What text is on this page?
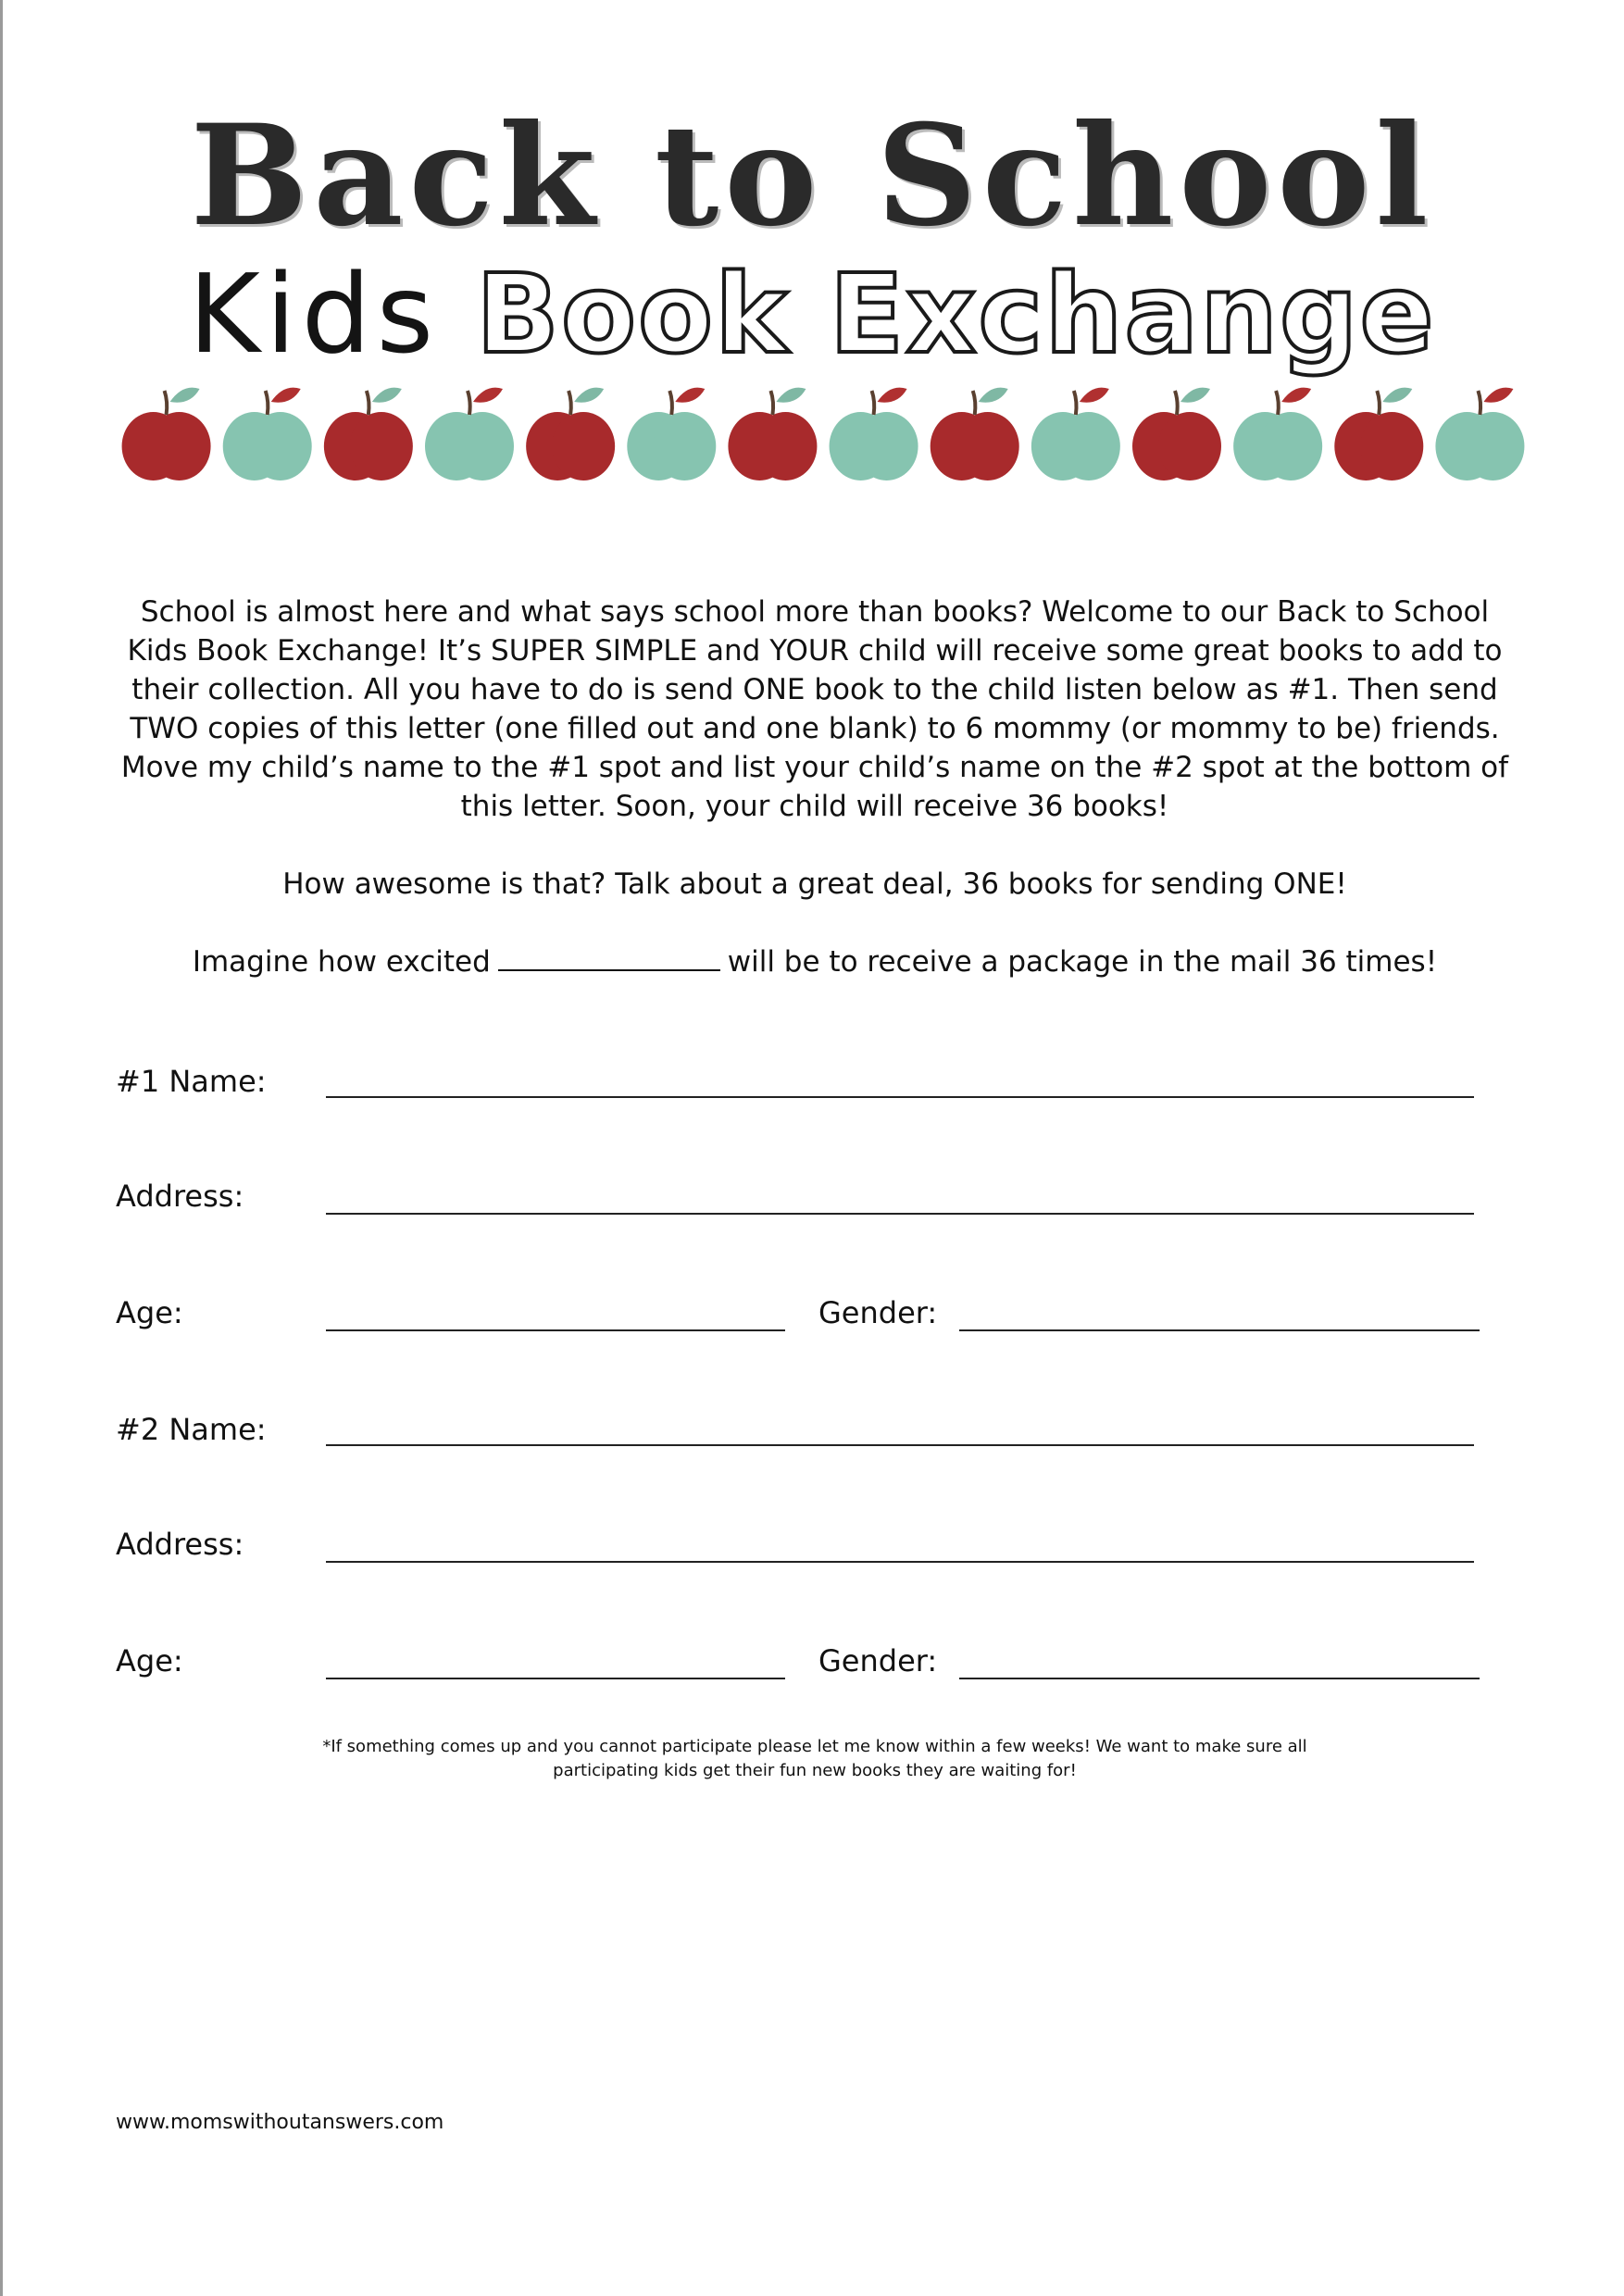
Back to School
Kids Book Exchange

School is almost here and what says school more than books? Welcome to our Back to School Kids Book Exchange! It’s SUPER SIMPLE and YOUR child will receive some great books to add to their collection. All you have to do is send ONE book to the child listen below as #1. Then send TWO copies of this letter (one filled out and one blank) to 6 mommy (or mommy to be) friends. Move my child’s name to the #1 spot and list your child’s name on the #2 spot at the bottom of this letter. Soon, your child will receive 36 books!

How awesome is that? Talk about a great deal, 36 books for sending ONE!

Imagine how excited	will be to receive a package in the mail 36 times!

#1 Name:
Address:
Age:	Gender:
#2 Name:
Address:
Age:	Gender:
*If something comes up and you cannot participate please let me know within a few weeks! We want to make sure all
participating kids get their fun new books they are waiting for!
www.momswithoutanswers.com
